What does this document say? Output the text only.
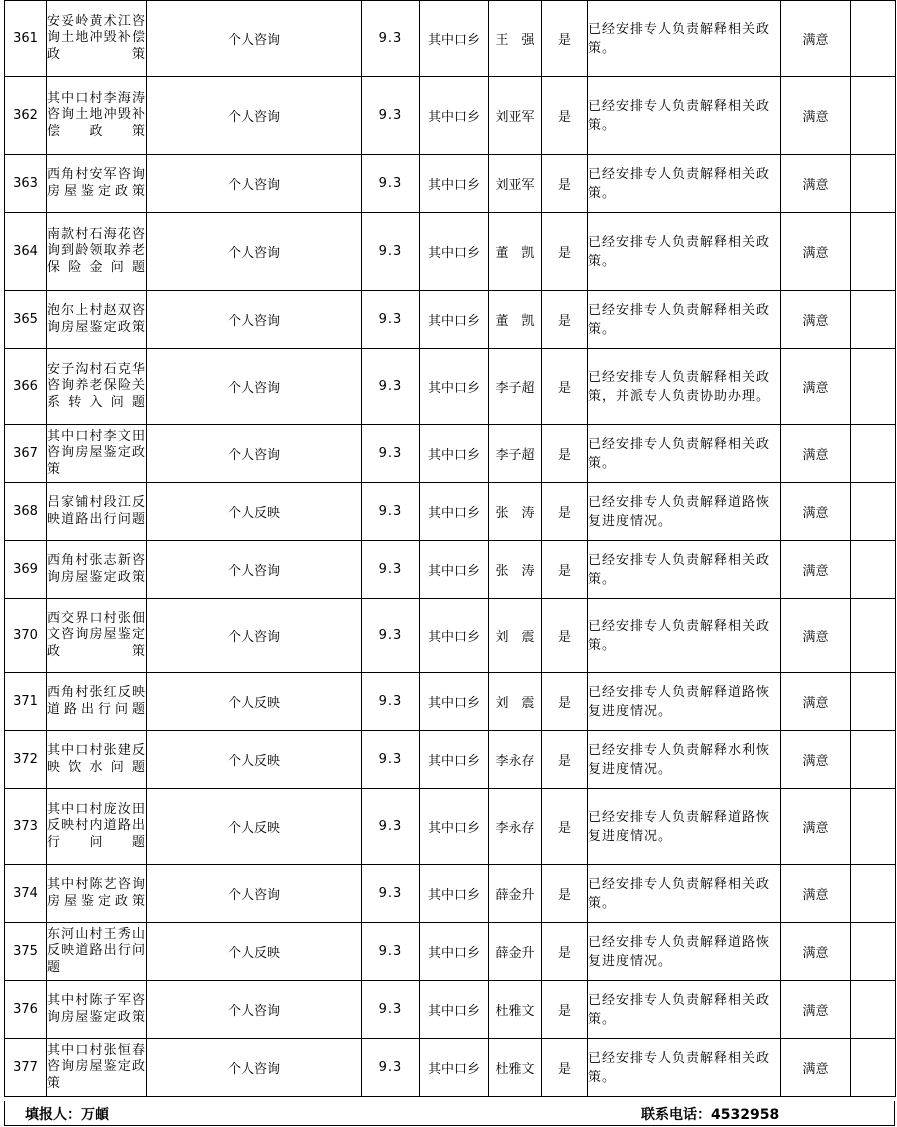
361	安妥岭黄术江咨询土地冲毁补偿政策	个人咨询	9.3	其中口乡	王　强	是	已经安排专人负责解释相关政策。	满意	
362	其中口村李海涛咨询土地冲毁补偿政策	个人咨询	9.3	其中口乡	刘亚军	是	已经安排专人负责解释相关政策。	满意	
363	西角村安军咨询房屋鉴定政策	个人咨询	9.3	其中口乡	刘亚军	是	已经安排专人负责解释相关政策。	满意	
364	南款村石海花咨询到龄领取养老保险金问题	个人咨询	9.3	其中口乡	董　凯	是	已经安排专人负责解释相关政策。	满意	
365	泡尔上村赵双咨询房屋鉴定政策	个人咨询	9.3	其中口乡	董　凯	是	已经安排专人负责解释相关政策。	满意	
366	安子沟村石克华咨询养老保险关系转入问题	个人咨询	9.3	其中口乡	李子超	是	已经安排专人负责解释相关政策，并派专人负责协助办理。	满意	
367	其中口村李文田咨询房屋鉴定政策	个人咨询	9.3	其中口乡	李子超	是	已经安排专人负责解释相关政策。	满意	
368	吕家铺村段江反映道路出行问题	个人反映	9.3	其中口乡	张　涛	是	已经安排专人负责解释道路恢复进度情况。	满意	
369	西角村张志新咨询房屋鉴定政策	个人咨询	9.3	其中口乡	张　涛	是	已经安排专人负责解释相关政策。	满意	
370	西交界口村张佃文咨询房屋鉴定政策	个人咨询	9.3	其中口乡	刘　震	是	已经安排专人负责解释相关政策。	满意	
371	西角村张红反映道路出行问题	个人反映	9.3	其中口乡	刘　震	是	已经安排专人负责解释道路恢复进度情况。	满意	
372	其中口村张建反映饮水问题	个人反映	9.3	其中口乡	李永存	是	已经安排专人负责解释水利恢复进度情况。	满意	
373	其中口村庞汝田反映村内道路出行问题	个人反映	9.3	其中口乡	李永存	是	已经安排专人负责解释道路恢复进度情况。	满意	
374	其中村陈艺咨询房屋鉴定政策	个人咨询	9.3	其中口乡	薛金升	是	已经安排专人负责解释相关政策。	满意	
375	东河山村王秀山反映道路出行问题	个人反映	9.3	其中口乡	薛金升	是	已经安排专人负责解释道路恢复进度情况。	满意	
376	其中村陈子军咨询房屋鉴定政策	个人咨询	9.3	其中口乡	杜雅文	是	已经安排专人负责解释相关政策。	满意	
377	其中口村张恒春咨询房屋鉴定政策	个人咨询	9.3	其中口乡	杜雅文	是	已经安排专人负责解释相关政策。	满意	
填报人：万頔	联系电话：4532958
